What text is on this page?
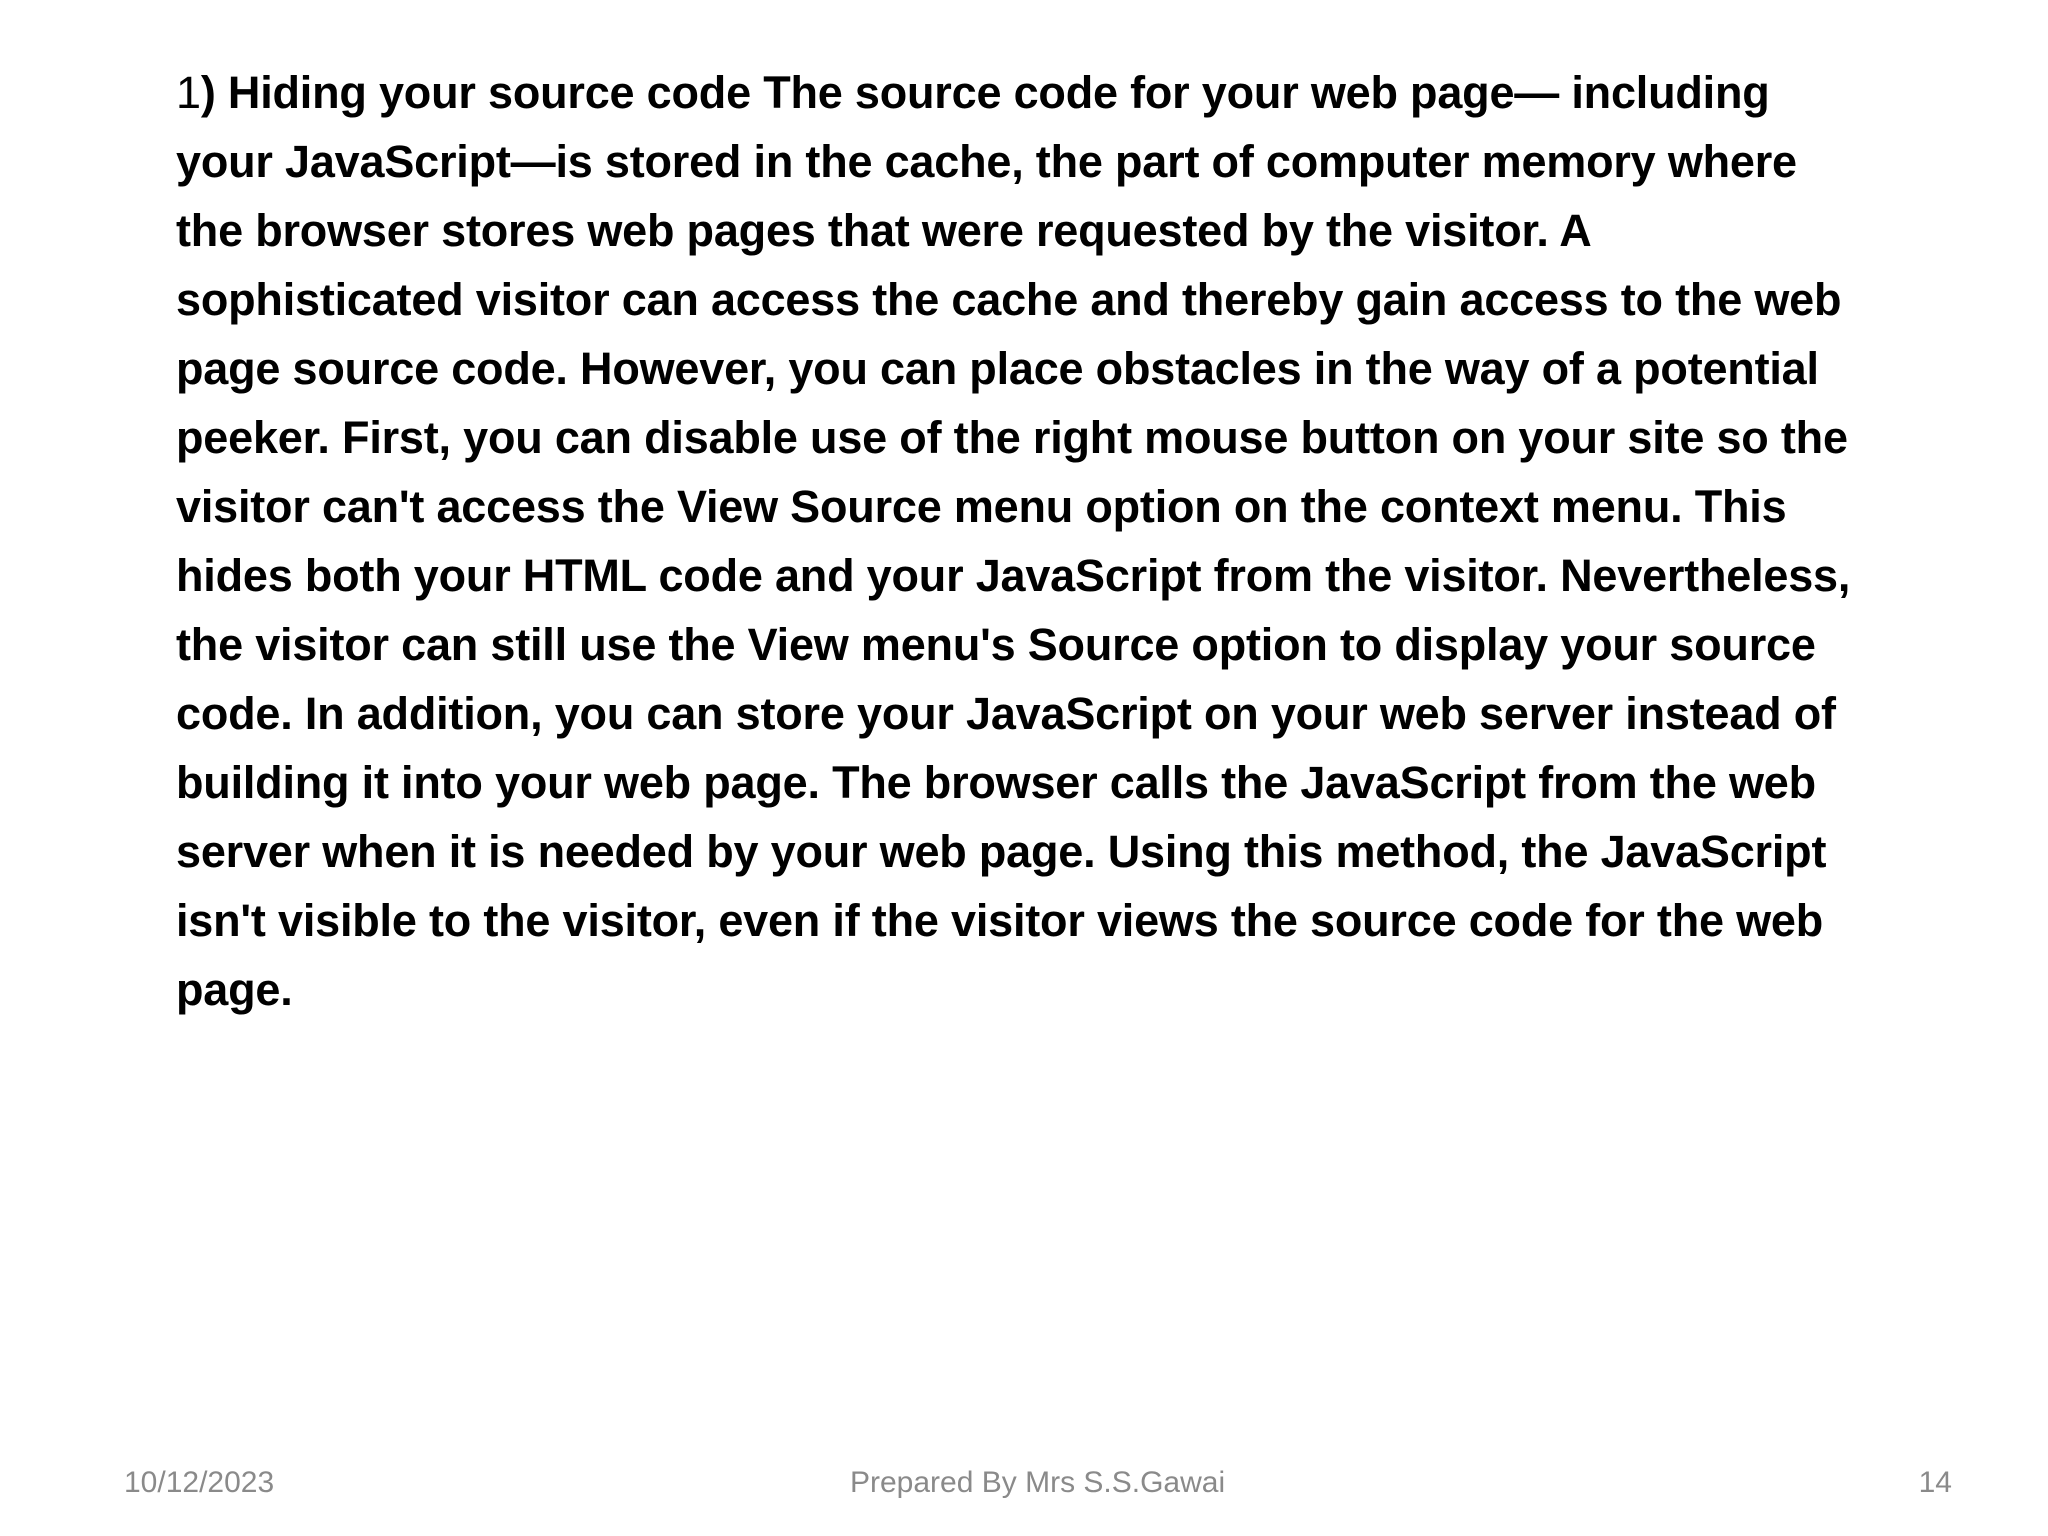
1) Hiding your source code The source code for your web page— including your JavaScript—is stored in the cache, the part of computer memory where the browser stores web pages that were requested by the visitor. A sophisticated visitor can access the cache and thereby gain access to the web page source code. However, you can place obstacles in the way of a potential peeker. First, you can disable use of the right mouse button on your site so the visitor can't access the View Source menu option on the context menu. This hides both your HTML code and your JavaScript from the visitor. Nevertheless, the visitor can still use the View menu's Source option to display your source code. In addition, you can store your JavaScript on your web server instead of building it into your web page. The browser calls the JavaScript from the web server when it is needed by your web page. Using this method, the JavaScript isn't visible to the visitor, even if the visitor views the source code for the web page.
10/12/2023	Prepared By Mrs S.S.Gawai	14
